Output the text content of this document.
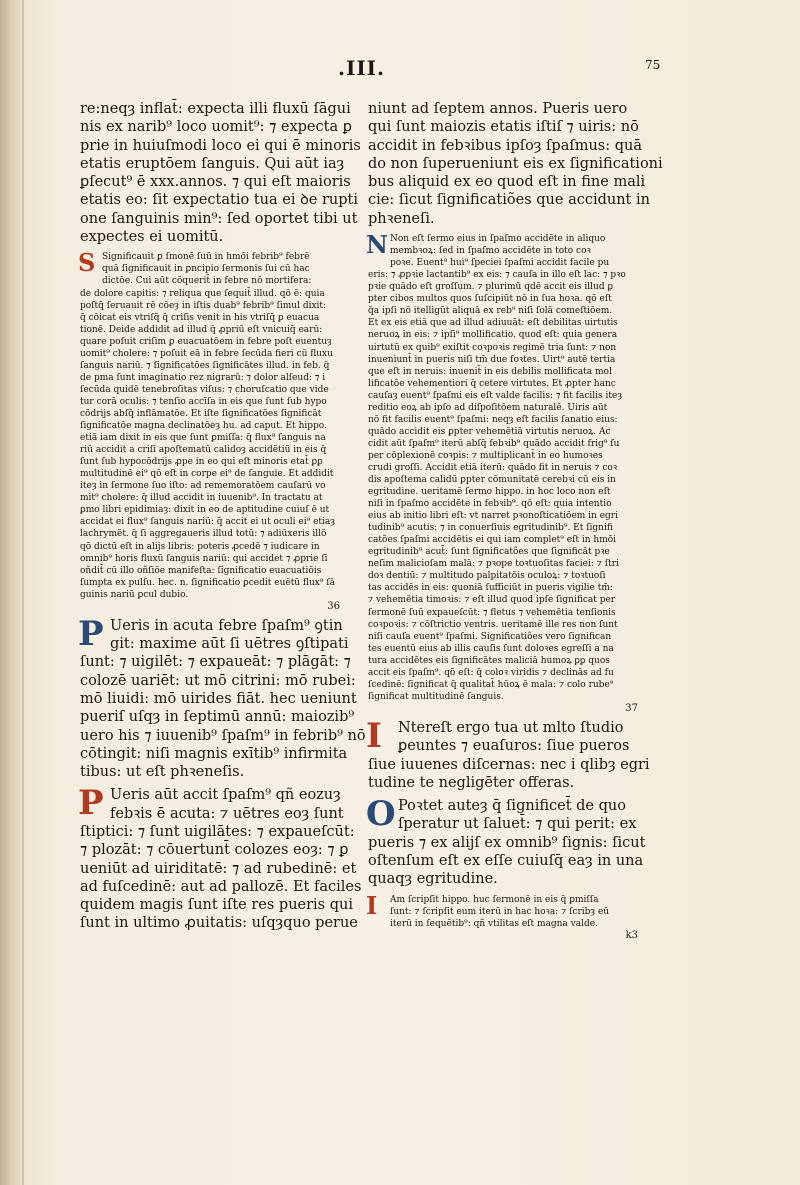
.III.	75
re:neqȝ inflat̄: expecta illi fluxū ſāgui
nis ex narib⁹ loco uomit⁹: ⁊ expecta ꝑ
prie in huiuſmodi loco ei qui ē minoris
etatis eruptōem ſanguis. Qui aūt iaȝ
ꝑſecut⁹ ē xxx.annos. ⁊ qui eſt maioris
etatis eo: ſit expectatio tua ei ꝺe rupti
one ſanguinis min⁹: ſed oportet tibi ut
expectes ei uomitū.
S Significauit ꝑ ſmonē ſuū in hmōi febrib⁹ febrē
quā ſignificauit in ꝑncipio ſermonis ſui cū hac
dictōe. Cui aūt cōquerit̄ in febre nō mortifera:
de dolore capitis: ⁊ reliqua que ſequit̄ illud. qō ē: quia
poſtq̄ ſeruauit rē cōeȝ in iſtis duab⁹ febrib⁹ ſimul dixit:
q̄ cōicat eis vtriſq̄ q̄ criſis venit in his vtriſq̄ ꝑ euacua
tionē. Deide addidit ad illud q̄ ꝓpriū eſt vnicuiq̄ earū:
quare poſuit criſim ꝑ euacuatōem in febre poſt euentuȝ
uomit⁹ cholere: ⁊ poſuit eā in febre ſecūda fieri cū fluxu
ſanguis nariū. ⁊ ſignificatōes ſignificātes illud. in feb. q̄
de pma ſunt imaginatio rez nigrarū: ⁊ dolor alſeud: ⁊ i
ſecūda quidē tenebroſitas viſus: ⁊ choruſcatio que vide
tur corā oculis: ⁊ tenſio accīſa in eis que ſunt ſub hypo
cōdrijs abſq̄ inflāmatōe. Et iſte ſignificatōes ſignificāt
ſignificatōe magna declinatōeȝ hu. ad caput. Et hippo.
etiā iam dixit in eis que ſunt ꝑmiſſa: q̄ flux⁹ ſanguis na
riū accidit a criſi apoſtematū calidoȝ accidētiū in eis q̄
ſunt ſub hypocōdrijs ꝓpe in eo qui eſt minoris etat̄ ꝑꝑ
multitudinē ei⁹ qō eſt in corpe ei⁹ de ſanguie. Et addidit
iteȝ in ſermone ſuo iſto: ad rememoratōem cauſarū vo
mit⁹ cholere: q̄ illud accidit in iuuenib⁹. In tractatu at
ꝑmo libri epidimiaȝ: dixit in eo de aptitudine cuiuſ ē ut
accidat ei flux⁹ ſanguis nariū: q̄ accit ei ut oculi ei⁹ etiaȝ
lachrymēt. q̄ ſi aggregaueris illud totū: ⁊ adiūxeris illō
qō dictū eſt in alijs libris: poteris ꝓcedē ⁊ iudicare in
omnib⁹ horis fluxū ſanguis nariū: qui accidet ⁊ ꝓprie ſi
oñdit̄ cū illo oñſiōe manifeſta: ſignificatio euacuatiōis
ſumpta ex pulſu. hec. n. ſignificatio ꝑcedit euētū flux⁹ ſā
guinis nariū ꝑcul dubio.
36
P Ueris in acuta febre ſpaſm⁹ ꝯtin
git: maxime aūt ſi uētres ꝯſtipati
ſunt: ⁊ uigilēt: ⁊ expaueāt: ⁊ plāgāt: ⁊
colozē uariēt: ut mō citrini: mō rubei:
mō liuidi: mō uirides fiāt. hec ueniunt
pueriſ uſqȝ in ſeptimū annū: maiozib⁹
uero his ⁊ iuuenib⁹ ſpaſm⁹ in febrib⁹ nō
cōtingit: niſi magnis exītib⁹ infirmita
tibus: ut eſt phꝛeneſis.
P Ueris aūt accit ſpaſm⁹ qñ eozuȝ
febꝛis ē acuta: ⁊ uētres eoȝ ſunt
ſtiptici: ⁊ ſunt uigilātes: ⁊ expaueſcūt:
⁊ plozāt: ⁊ cōuertunt̄ colozes eoȝ: ⁊ ꝑ
ueniūt ad uiriditatē: ⁊ ad rubedinē: et
ad fuſcedinē: aut ad pallozē. Et faciles
quidem magis ſunt iſte res pueris qui
ſunt in ultimo ꝓuitatis: uſqȝquo perue
niunt ad ſeptem annos. Pueris uero
qui ſunt maiozis etatis iſtiſ ⁊ uiris: nō
accidit in febꝛibus ipſoȝ ſpaſmus: quā
do non ſuperueniunt eis ex ſignificationi
bus aliquid ex eo quod eſt in fine mali
cie: ſicut ſignificatiões que accidunt in
phꝛeneſi.
N Non eſt ſermo eius in ſpaſmo accidēte in aliquo
membꝛoꝝ: ſed in ſpaſmo accidēte in toto coꝛ
poꝛe. Euent⁹ hui⁹ ſpeciei ſpaſmi accidit facile pu
eris: ⁊ ꝓpꝛie lactantib⁹ ex eis: ⁊ cauſa in illo eſt lac: ⁊ pꝛo
pꝛie quādo eſt groſſum. ⁊ plurimū qdē accit eis illud ꝑ
pter cibos multos quos ſuſcipiūt nō in ſua hoꝛa. qō eſt
q̄a ipſi nō itelligūt aliquā ex reb⁹ niſi ſolā comeſtiōem.
Et ex eis etiā que ad illud adiuuāt: eſt debilitas uirtutis
neruoꝝ in eis: ⁊ ipſi⁹ mollificatio. quod eſt: quia genera
uirtutū ex quib⁹ exiſtit coꝛpoꝛis regimē tria ſunt: ⁊ non
inueniunt̄ in pueris niſi tm̄ due foꝛtes. Uirt⁹ autē tertia
que eſt in neruis: inuenit̄ in eis debilis mollificata mol
lificatōe vehementiori q̄ cetere virtutes. Et ꝓpter hanc
cauſaȝ euent⁹ ſpaſmi eis eſt valde facilis: ⁊ fit facilis iteȝ
reditio eoꝝ ab ipſo ad diſpoſitōem naturalē. Uiris aūt
nō fit facilis euent⁹ ſpaſmi: neqȝ eſt facilis ſanatio eius:
quādo accidit eis ꝑpter vehemētiā virtutis neruoꝝ. Ac
cidit aūt ſpaſm⁹ iterū abſq̄ febꝛib⁹ quādo accidit frig⁹ ſu
per cōplexionē coꝛpis: ⁊ multiplicant̄ in eo humoꝛes
crudi groſſi. Accidit etiā iterū: quādo fit in neruis ⁊ coꝛ
dis apoſtema calidū ꝑpter cōmunitatē cerebꝛi cū eis in
egritudine. ueritamē ſermo hippo. in hoc loco non eſt
niſi in ſpaſmo accidēte in febꝛib⁹. qō eſt: quia intentio
eius ab initio libri eſt: vt narret pꝛonoſticatiōem in egri
tudinib⁹ acutis: ⁊ in conuerſiuis egritudinib⁹. Et ſignifi
catões ſpaſmi accidētis ei qui iam complet⁹ eſt in hmōi
egritudinib⁹ acut̄: ſunt ſignificatões que ſignificāt pꝛe
neſim malicioſam malā: ⁊ pꝛope toꝛtuoſitas faciei: ⁊ ſtri
doꝛ dentiū: ⁊ multitudo palpitatōis oculoꝝ: ⁊ toꝛtuoſi
tas accidēs in eis: quoniā ſufficiūt in pueris vigilie tm̄:
⁊ vehemētia timoꝛis: ⁊ eſt illud quod ipſe ſignificat per
ſermonē ſuū expaueſcūt: ⁊ fletus ⁊ vehemētia tenſionis
coꝛpoꝛis: ⁊ cōſtrictio ventris. ueritamē ille res non ſunt
niſi cauſa euent⁹ ſpaſmi. Significatiões vero ſignifican
tes euentū eius ab illis cauſis ſunt doloꝛes egreſſi a na
tura accidētes eis ſignificātes maliciā humoꝝ ꝑꝑ quos
accit eis ſpaſm⁹. qō eſt: q̄ coloꝛ viridis ⁊ declinās ad fu
ſcedinē: ſignificat q̄ qualitat̄ hūoꝝ ē mala: ⁊ colo rube⁹
ſignificat multitudinē ſanguis.
37
I	Ntereſt ergo tua ut mlto ſtudio
ꝑeuntes ⁊ euaſuros: ſiue pueros
ſiue iuuenes diſcernas: nec i qlibȝ egri
tudine te negligēter offeras.
O Poꝛtet auteȝ q̄ ſignificet̄ de quo
ſperatur ut ſaluet̄: ⁊ qui perit: ex
pueris ⁊ ex alijſ ex omnib⁹ ſignis: ſicut
oſtenſum eſt ex eſſe cuiuſq̄ eaȝ in una
quaqȝ egritudine.
I	Am ſcripſit hippo. huc ſermonē in eis q̄ ꝑmiſſa
ſunt: ⁊ ſcripſit eum iterū in hac hoꝛa: ⁊ ſcribȝ eū
iterū in ſequētib⁹: qñ vtilitas eſt magna valde.
k3
